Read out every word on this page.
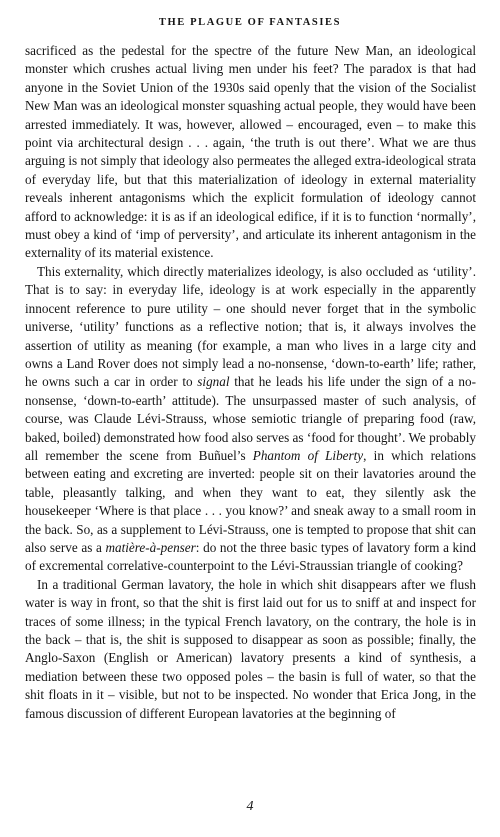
THE PLAGUE OF FANTASIES

sacrificed as the pedestal for the spectre of the future New Man, an ideological monster which crushes actual living men under his feet? The paradox is that had anyone in the Soviet Union of the 1930s said openly that the vision of the Socialist New Man was an ideological monster squashing actual people, they would have been arrested immediately. It was, however, allowed – encouraged, even – to make this point via architectural design . . . again, ‘the truth is out there’. What we are thus arguing is not simply that ideology also permeates the alleged extra-ideological strata of everyday life, but that this materialization of ideology in external materiality reveals inherent antagonisms which the explicit formulation of ideology cannot afford to acknowledge: it is as if an ideological edifice, if it is to function ‘normally’, must obey a kind of ‘imp of perversity’, and articulate its inherent antagonism in the externality of its material existence.

This externality, which directly materializes ideology, is also occluded as ‘utility’. That is to say: in everyday life, ideology is at work especially in the apparently innocent reference to pure utility – one should never forget that in the symbolic universe, ‘utility’ functions as a reflective notion; that is, it always involves the assertion of utility as meaning (for example, a man who lives in a large city and owns a Land Rover does not simply lead a no-nonsense, ‘down-to-earth’ life; rather, he owns such a car in order to signal that he leads his life under the sign of a no-nonsense, ‘down-to-earth’ attitude). The unsurpassed master of such analysis, of course, was Claude Lévi-Strauss, whose semiotic triangle of preparing food (raw, baked, boiled) demonstrated how food also serves as ‘food for thought’. We probably all remember the scene from Buñuel’s Phantom of Liberty, in which relations between eating and excreting are inverted: people sit on their lavatories around the table, pleasantly talking, and when they want to eat, they silently ask the housekeeper ‘Where is that place . . . you know?’ and sneak away to a small room in the back. So, as a supplement to Lévi-Strauss, one is tempted to propose that shit can also serve as a matière-à-penser: do not the three basic types of lavatory form a kind of excremental correlative-counterpoint to the Lévi-Straussian triangle of cooking?

In a traditional German lavatory, the hole in which shit disappears after we flush water is way in front, so that the shit is first laid out for us to sniff at and inspect for traces of some illness; in the typical French lavatory, on the contrary, the hole is in the back – that is, the shit is supposed to disappear as soon as possible; finally, the Anglo-Saxon (English or American) lavatory presents a kind of synthesis, a mediation between these two opposed poles – the basin is full of water, so that the shit floats in it – visible, but not to be inspected. No wonder that Erica Jong, in the famous discussion of different European lavatories at the beginning of

4
